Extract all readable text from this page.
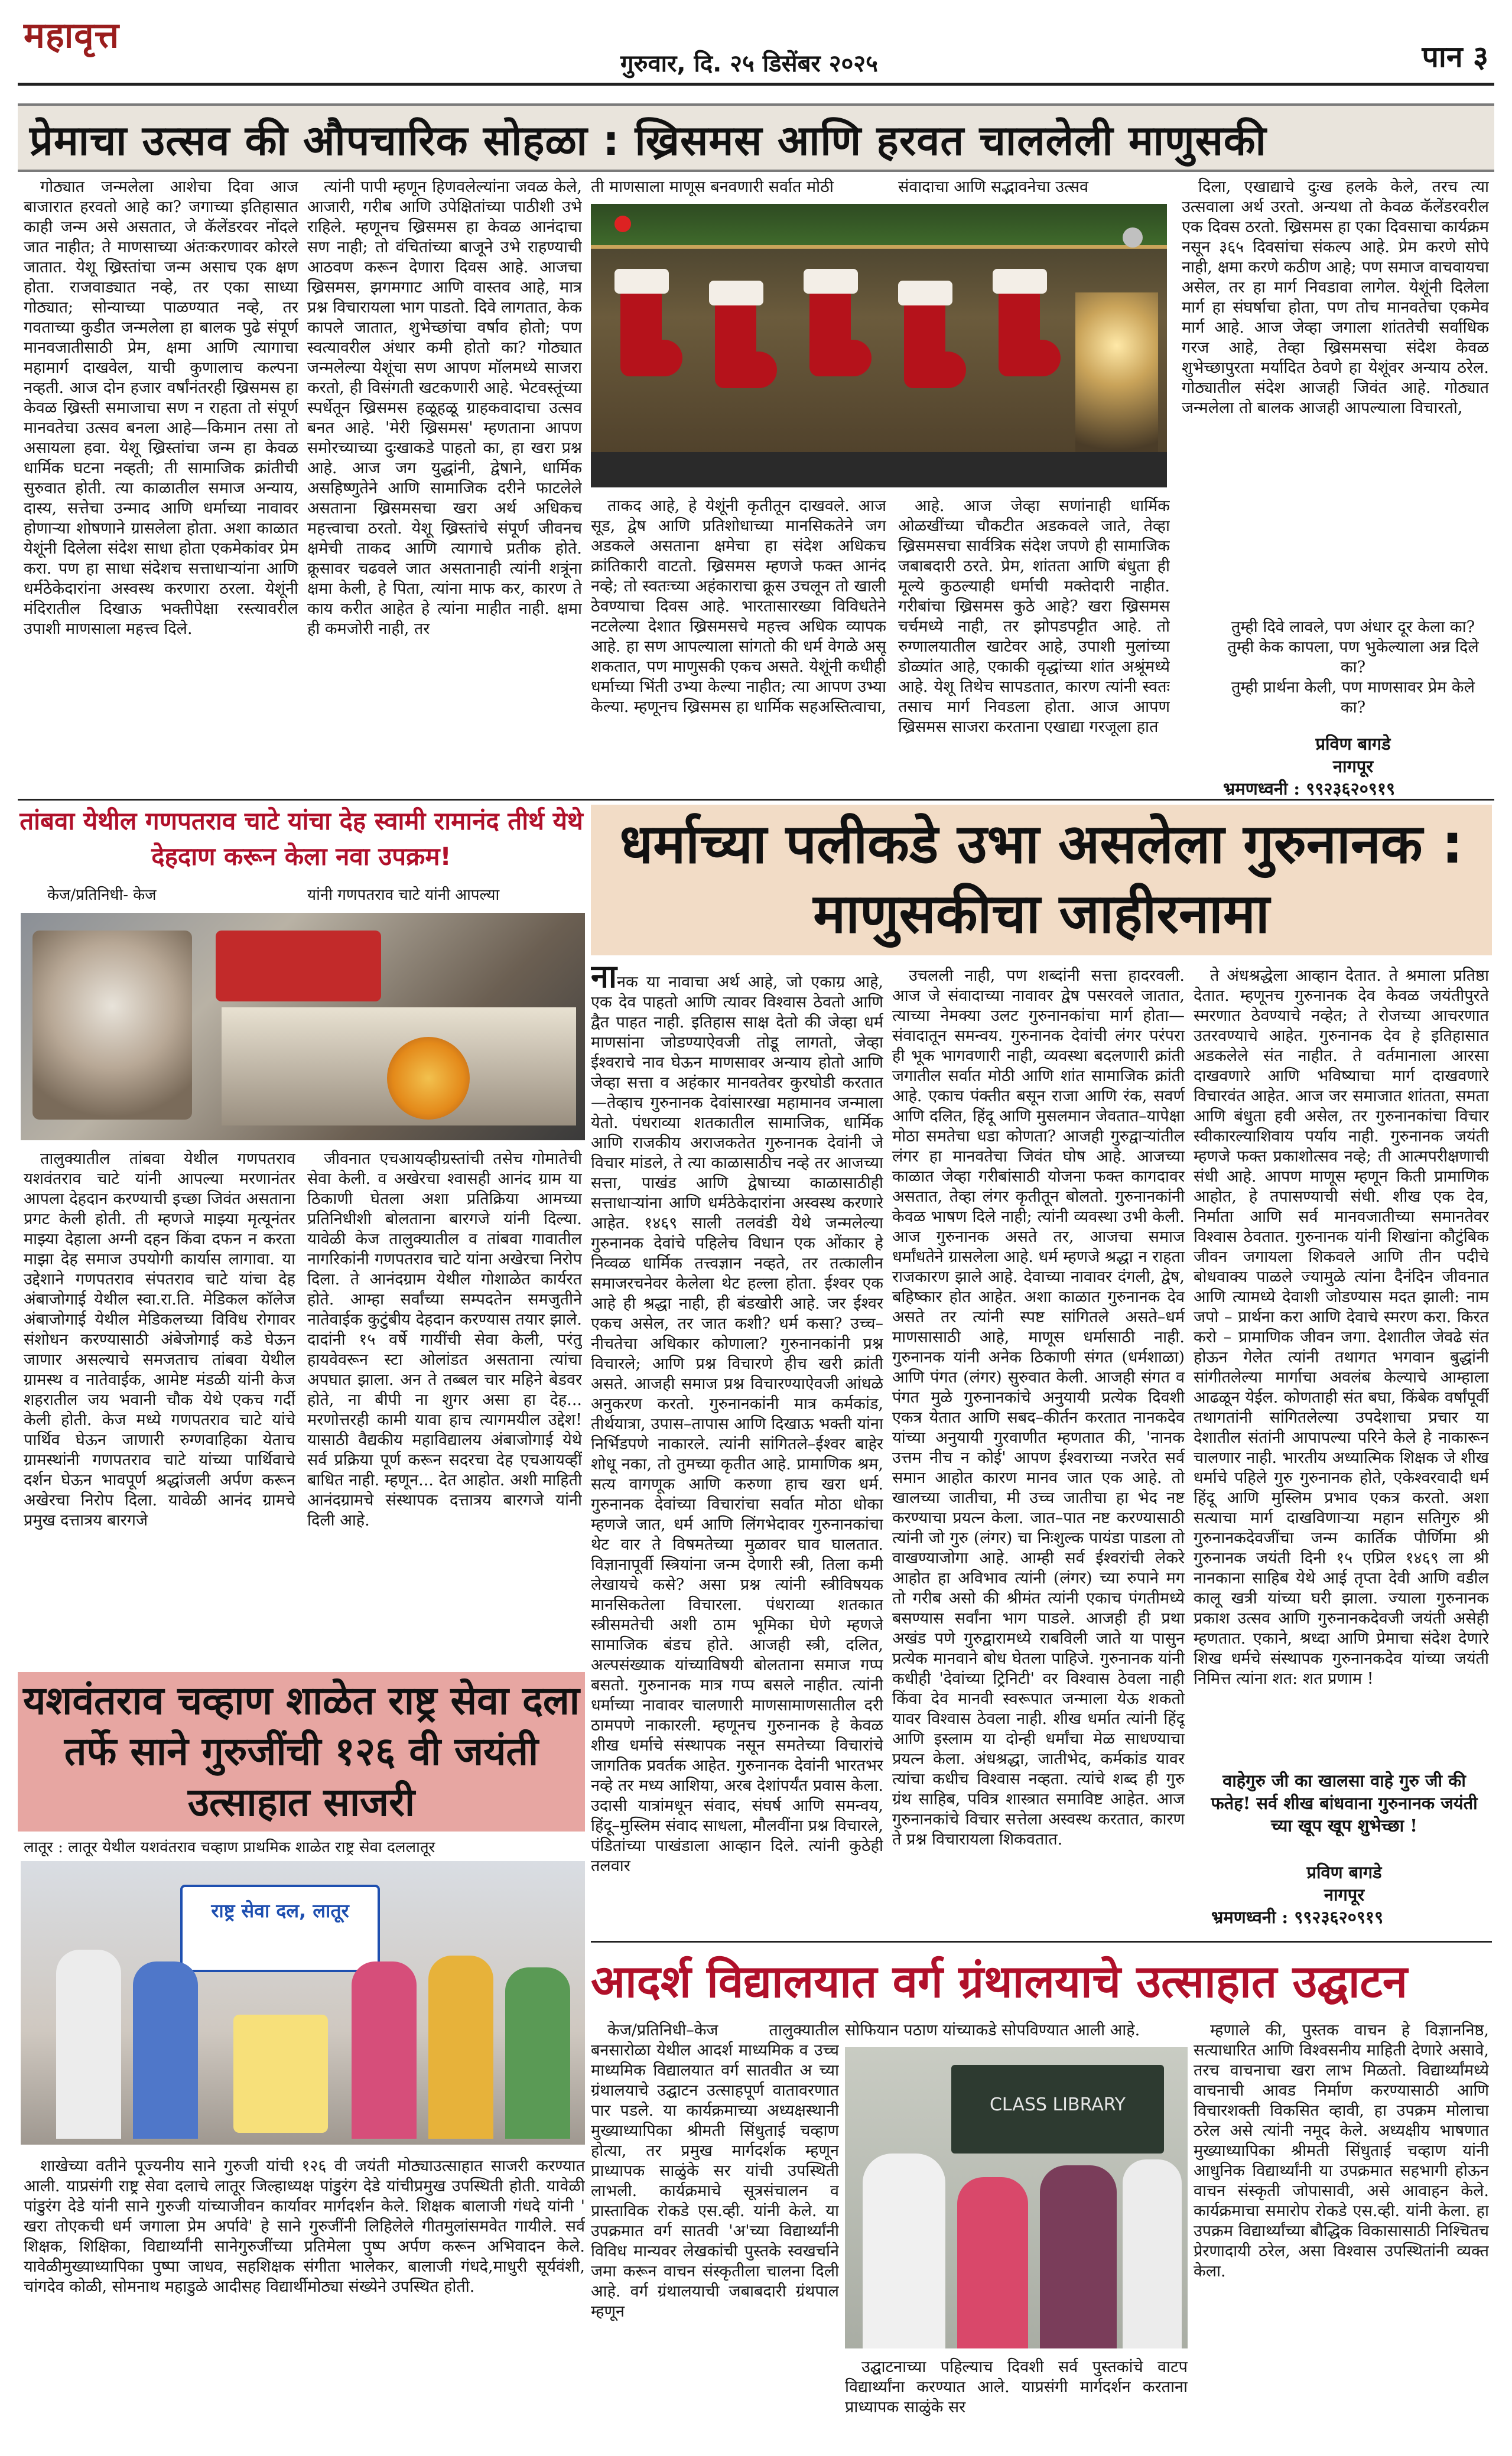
महावृत्त
गुरुवार, दि. २५ डिसेंबर २०२५	पान ३
प्रेमाचा उत्सव की औपचारिक सोहळा : ख्रिसमस आणि हरवत चाललेली माणुसकी

गोठ्यात जन्मलेला आशेचा दिवा आज बाजारात हरवतो आहे का? जगाच्या इतिहासात काही जन्म असे असतात, जे कॅलेंडरवर नोंदले जात नाहीत; ते माणसाच्या अंतःकरणावर कोरले जातात. येशू ख्रिस्तांचा जन्म असाच एक क्षण होता. राजवाड्यात नव्हे, तर एका साध्या गोठ्यात; सोन्याच्या पाळण्यात नव्हे, तर गवताच्या कुडीत जन्मलेला हा बालक पुढे संपूर्ण मानवजातीसाठी प्रेम, क्षमा आणि त्यागाचा महामार्ग दाखवेल, याची कुणालाच कल्पना नव्हती. आज दोन हजार वर्षांनंतरही ख्रिसमस हा केवळ ख्रिस्ती समाजाचा सण न राहता तो संपूर्ण मानवतेचा उत्सव बनला आहे—किमान तसा तो असायला हवा. येशू ख्रिस्तांचा जन्म हा केवळ धार्मिक घटना नव्हती; ती सामाजिक क्रांतीची सुरुवात होती. त्या काळातील समाज अन्याय, दास्य, सत्तेचा उन्माद आणि धर्माच्या नावावर होणाऱ्या शोषणाने ग्रासलेला होता. अशा काळात येशूंनी दिलेला संदेश साधा होता एकमेकांवर प्रेम करा. पण हा साधा संदेशच सत्ताधाऱ्यांना आणि धर्मठेकेदारांना अस्वस्थ करणारा ठरला. येशूंनी मंदिरातील दिखाऊ भक्तीपेक्षा रस्त्यावरील उपाशी माणसाला महत्त्व दिले.

त्यांनी पापी म्हणून हिणवलेल्यांना जवळ केले, आजारी, गरीब आणि उपेक्षितांच्या पाठीशी उभे राहिले. म्हणूनच ख्रिसमस हा केवळ आनंदाचा सण नाही; तो वंचितांच्या बाजूने उभे राहण्याची आठवण करून देणारा दिवस आहे. आजचा ख्रिसमस, झगमगाट आणि वास्तव आहे, मात्र प्रश्न विचारायला भाग पाडतो. दिवे लागतात, केक कापले जातात, शुभेच्छांचा वर्षाव होतो; पण स्वत्यावरील अंधार कमी होतो का? गोठ्यात जन्मलेल्या येशूंचा सण आपण मॉलमध्ये साजरा करतो, ही विसंगती खटकणारी आहे. भेटवस्तूंच्या स्पर्धेतून ख्रिसमस हळूहळू ग्राहकवादाचा उत्सव बनत आहे. 'मेरी ख्रिसमस' म्हणताना आपण समोरच्याच्या दुःखाकडे पाहतो का, हा खरा प्रश्न आहे. आज जग युद्धांनी, द्वेषाने, धार्मिक असहिष्णुतेने आणि सामाजिक दरीने फाटलेले असताना ख्रिसमसचा खरा अर्थ अधिकच महत्त्वाचा ठरतो. येशू ख्रिस्तांचे संपूर्ण जीवनच क्षमेची ताकद आणि त्यागाचे प्रतीक होते. क्रूसावर चढवले जात असतानाही त्यांनी शत्रूंना क्षमा केली, हे पिता, त्यांना माफ कर, कारण ते काय करीत आहेत हे त्यांना माहीत नाही. क्षमा ही कमजोरी नाही, तर

ती माणसाला माणूस बनवणारी सर्वात मोठी	संवादाचा आणि सद्भावनेचा उत्सव

ताकद आहे, हे येशूंनी कृतीतून दाखवले. आज सूड, द्वेष आणि प्रतिशोधाच्या मानसिकतेने जग अडकले असताना क्षमेचा हा संदेश अधिकच क्रांतिकारी वाटतो. ख्रिसमस म्हणजे फक्त आनंद नव्हे; तो स्वतःच्या अहंकाराचा क्रूस उचलून तो खाली ठेवण्याचा दिवस आहे. भारतासारख्या विविधतेने नटलेल्या देशात ख्रिसमसचे महत्त्व अधिक व्यापक आहे. हा सण आपल्याला सांगतो की धर्म वेगळे असू शकतात, पण माणुसकी एकच असते. येशूंनी कधीही धर्माच्या भिंती उभ्या केल्या नाहीत; त्या आपण उभ्या केल्या. म्हणूनच ख्रिसमस हा धार्मिक सहअस्तित्वाचा,

आहे. आज जेव्हा सणांनाही धार्मिक ओळखींच्या चौकटीत अडकवले जाते, तेव्हा ख्रिसमसचा सार्वत्रिक संदेश जपणे ही सामाजिक जबाबदारी ठरते. प्रेम, शांतता आणि बंधुता ही मूल्ये कुठल्याही धर्माची मक्तेदारी नाहीत. गरीबांचा ख्रिसमस कुठे आहे? खरा ख्रिसमस चर्चमध्ये नाही, तर झोपडपट्टीत आहे. तो रुग्णालयातील खाटेवर आहे, उपाशी मुलांच्या डोळ्यांत आहे, एकाकी वृद्धांच्या शांत अश्रूंमध्ये आहे. येशू तिथेच सापडतात, कारण त्यांनी स्वतः तसाच मार्ग निवडला होता. आज आपण ख्रिसमस साजरा करताना एखाद्या गरजूला हात

दिला, एखाद्याचे दुःख हलके केले, तरच त्या उत्सवाला अर्थ उरतो. अन्यथा तो केवळ कॅलेंडरवरील एक दिवस ठरतो. ख्रिसमस हा एका दिवसाचा कार्यक्रम नसून ३६५ दिवसांचा संकल्प आहे. प्रेम करणे सोपे नाही, क्षमा करणे कठीण आहे; पण समाज वाचवायचा असेल, तर हा मार्ग निवडावा लागेल. येशूंनी दिलेला मार्ग हा संघर्षाचा होता, पण तोच मानवतेचा एकमेव मार्ग आहे. आज जेव्हा जगाला शांततेची सर्वाधिक गरज आहे, तेव्हा ख्रिसमसचा संदेश केवळ शुभेच्छापुरता मर्यादित ठेवणे हा येशूंवर अन्याय ठरेल. गोठ्यातील संदेश आजही जिवंत आहे. गोठ्यात जन्मलेला तो बालक आजही आपल्याला विचारतो,

तुम्ही दिवे लावले, पण अंधार दूर केला का?
तुम्ही केक कापला, पण भुकेल्याला अन्न दिले का?
तुम्ही प्रार्थना केली, पण माणसावर प्रेम केले का?
प्रविण बागडे
नागपूर
भ्रमणध्वनी : ९९२३६२०९१९
तांबवा येथील गणपतराव चाटे यांचा देह स्वामी रामानंद तीर्थ येथे देहदाण करून केला नवा उपक्रम!
केज/प्रतिनिधी- केज	यांनी गणपतराव चाटे यांनी आपल्या

तालुक्यातील तांबवा येथील गणपतराव यशवंतराव चाटे यांनी आपल्या मरणानंतर आपला देहदान करण्याची इच्छा जिवंत असताना प्रगट केली होती. ती म्हणजे माझ्या मृत्यूनंतर माझ्या देहाला अग्नी दहन किंवा दफन न करता माझा देह समाज उपयोगी कार्यास लागावा. या उद्देशाने गणपतराव संपतराव चाटे यांचा देह अंबाजोगाई येथील स्वा.रा.ति. मेडिकल कॉलेज अंबाजोगाई येथील मेडिकलच्या विविध रोगावर संशोधन करण्यासाठी अंबेजोगाई कडे घेऊन जाणार असल्याचे समजताच तांबवा येथील ग्रामस्थ व नातेवाईक, आमेष्ट मंडळी यांनी केज शहरातील जय भवानी चौक येथे एकच गर्दी केली होती. केज मध्ये गणपतराव चाटे यांचे पार्थिव घेऊन जाणारी रुग्णवाहिका येताच ग्रामस्थांनी गणपतराव चाटे यांच्या पार्थिवाचे दर्शन घेऊन भावपूर्ण श्रद्धांजली अर्पण करून अखेरचा निरोप दिला. यावेळी आनंद ग्रामचे प्रमुख दत्तात्रय बारगजे

जीवनात एचआयव्हीग्रस्तांची तसेच गोमातेची सेवा केली. व अखेरचा श्वासही आनंद ग्राम या ठिकाणी घेतला अशा प्रतिक्रिया आमच्या प्रतिनिधीशी बोलताना बारगजे यांनी दिल्या. यावेळी केज तालुक्यातील व तांबवा गावातील नागरिकांनी गणपतराव चाटे यांना अखेरचा निरोप दिला. ते आनंदग्राम येथील गोशाळेत कार्यरत होते. आम्हा सर्वांच्या सम्पदतेन समजुतीने नातेवाईक कुटुंबीय देहदान करण्यास तयार झाले. दादांनी १५ वर्षे गायींची सेवा केली, परंतु हायवेवरून स्टा ओलांडत असताना त्यांचा अपघात झाला. अन ते तब्बल चार महिने बेडवर होते, ना बीपी ना शुगर असा हा देह... मरणोत्तरही कामी यावा हाच त्यागमयील उद्देश! यासाठी वैद्यकीय महाविद्यालय अंबाजोगाई येथे सर्व प्रक्रिया पूर्ण करून सदरचा देह एचआयव्हीं बाधित नाही. म्हणून... देत आहोत. अशी माहिती आनंदग्रामचे संस्थापक दत्तात्रय बारगजे यांनी दिली आहे.

यशवंतराव चव्हाण शाळेत राष्ट्र सेवा दला तर्फे साने गुरुजींची १२६ वी जयंती उत्साहात साजरी
लातूर : लातूर येथील यशवंतराव चव्हाण प्राथमिक शाळेत राष्ट्र सेवा दललातूर
राष्ट्र सेवा दल, लातूर

शाखेच्या वतीने पूज्यनीय साने गुरुजी यांची १२६ वी जयंती मोठ्याउत्साहात साजरी करण्यात आली. याप्रसंगी राष्ट्र सेवा दलाचे लातूर जिल्हाध्यक्ष पांडुरंग देडे यांचीप्रमुख उपस्थिती होती. यावेळी पांडुरंग देडे यांनी साने गुरुजी यांच्याजीवन कार्यावर मार्गदर्शन केले. शिक्षक बालाजी गंधदे यांनी ' खरा तोएकची धर्म जगाला प्रेम अर्पावे' हे साने गुरुजींनी लिहिलेले गीतमुलांसमवेत गायीले. सर्व शिक्षक, शिक्षिका, विद्यार्थ्यांनी सानेगुरुजींच्या प्रतिमेला पुष्प अर्पण करून अभिवादन केले. यावेळीमुख्याध्यापिका पुष्पा जाधव, सहशिक्षक संगीता भालेकर, बालाजी गंधदे,माधुरी सूर्यवंशी, चांगदेव कोळी, सोमनाथ महाडुळे आदीसह विद्यार्थीमोठ्या संख्येने उपस्थित होती.

धर्माच्या पलीकडे उभा असलेला गुरुनानक : माणुसकीचा जाहीरनामा

नानक या नावाचा अर्थ आहे, जो एकाग्र आहे, एक देव पाहतो आणि त्यावर विश्वास ठेवतो आणि द्वैत पाहत नाही. इतिहास साक्ष देतो की जेव्हा धर्म माणसांना जोडण्याऐवजी तोडू लागतो, जेव्हा ईश्वराचे नाव घेऊन माणसावर अन्याय होतो आणि जेव्हा सत्ता व अहंकार मानवतेवर कुरघोडी करतात—तेव्हाच गुरुनानक देवांसारखा महामानव जन्माला येतो. पंधराव्या शतकातील सामाजिक, धार्मिक आणि राजकीय अराजकतेत गुरुनानक देवांनी जे विचार मांडले, ते त्या काळासाठीच नव्हे तर आजच्या सत्ता, पाखंड आणि द्वेषाच्या काळासाठीही सत्ताधाऱ्यांना आणि धर्मठेकेदारांना अस्वस्थ करणारे आहेत. १४६९ साली तलवंडी येथे जन्मलेल्या गुरुनानक देवांचे पहिलेच विधान एक ओंकार हे निव्वळ धार्मिक तत्त्वज्ञान नव्हते, तर तत्कालीन समाजरचनेवर केलेला थेट हल्ला होता. ईश्वर एक आहे ही श्रद्धा नाही, ही बंडखोरी आहे. जर ईश्वर एकच असेल, तर जात कशी? धर्म कसा? उच्च–नीचतेचा अधिकार कोणाला? गुरुनानकांनी प्रश्न विचारले; आणि प्रश्न विचारणे हीच खरी क्रांती असते. आजही समाज प्रश्न विचारण्याऐवजी आंधळे अनुकरण करतो. गुरुनानकांनी मात्र कर्मकांड, तीर्थयात्रा, उपास–तापास आणि दिखाऊ भक्ती यांना निर्भिडपणे नाकारले. त्यांनी सांगितले–ईश्वर बाहेर शोधू नका, तो तुमच्या कृतीत आहे. प्रामाणिक श्रम, सत्य वागणूक आणि करुणा हाच खरा धर्म. गुरुनानक देवांच्या विचारांचा सर्वात मोठा धोका म्हणजे जात, धर्म आणि लिंगभेदावर गुरुनानकांचा थेट वार ते विषमतेच्या मुळावर घाव घालतात. विज्ञानापूर्वी स्त्रियांना जन्म देणारी स्त्री, तिला कमी लेखायचे कसे? असा प्रश्न त्यांनी स्त्रीविषयक मानसिकतेला विचारला. पंधराव्या शतकात स्त्रीसमतेची अशी ठाम भूमिका घेणे म्हणजे सामाजिक बंडच होते. आजही स्त्री, दलित, अल्पसंख्याक यांच्याविषयी बोलताना समाज गप्प बसतो. गुरुनानक मात्र गप्प बसले नाहीत. त्यांनी धर्माच्या नावावर चालणारी माणसामाणसातील दरी ठामपणे नाकारली. म्हणूनच गुरुनानक हे केवळ शीख धर्माचे संस्थापक नसून समतेच्या विचारांचे जागतिक प्रवर्तक आहेत. गुरुनानक देवांनी भारतभर नव्हे तर मध्य आशिया, अरब देशांपर्यंत प्रवास केला. उदासी यात्रांमधून संवाद, संघर्ष आणि समन्वय, हिंदू–मुस्लिम संवाद साधला, मौलवींना प्रश्न विचारले, पंडितांच्या पाखंडाला आव्हान दिले. त्यांनी कुठेही तलवार

उचलली नाही, पण शब्दांनी सत्ता हादरवली. आज जे संवादाच्या नावावर द्वेष पसरवले जातात, त्याच्या नेमक्या उलट गुरुनानकांचा मार्ग होता—संवादातून समन्वय. गुरुनानक देवांची लंगर परंपरा ही भूक भागवणारी नाही, व्यवस्था बदलणारी क्रांती जगातील सर्वात मोठी आणि शांत सामाजिक क्रांती आहे. एकाच पंक्तीत बसून राजा आणि रंक, सवर्ण आणि दलित, हिंदू आणि मुसलमान जेवतात–यापेक्षा मोठा समतेचा धडा कोणता? आजही गुरुद्वाऱ्यांतील लंगर हा मानवतेचा जिवंत घोष आहे. आजच्या काळात जेव्हा गरीबांसाठी योजना फक्त कागदावर असतात, तेव्हा लंगर कृतीतून बोलतो. गुरुनानकांनी केवळ भाषण दिले नाही; त्यांनी व्यवस्था उभी केली. आज गुरुनानक असते तर, आजचा समाज धर्मांधतेने ग्रासलेला आहे. धर्म म्हणजे श्रद्धा न राहता राजकारण झाले आहे. देवाच्या नावावर दंगली, द्वेष, बहिष्कार होत आहेत. अशा काळात गुरुनानक देव असते तर त्यांनी स्पष्ट सांगितले असते–धर्म माणसासाठी आहे, माणूस धर्मासाठी नाही. गुरुनानक यांनी अनेक ठिकाणी संगत (धर्मशाळा) आणि पंगत (लंगर) सुरुवात केली. आजही संगत व पंगत मुळे गुरुनानकांचे अनुयायी प्रत्येक दिवशी एकत्र येतात आणि सबद–कीर्तन करतात नानकदेव यांच्या अनुयायी गुरवाणीत म्हणतात की, 'नानक उत्तम नीच न कोई' आपण ईश्वराच्या नजरेत सर्व समान आहोत कारण मानव जात एक आहे. तो खालच्या जातीचा, मी उच्च जातीचा हा भेद नष्ट करण्याचा प्रयत्न केला. जात–पात नष्ट करण्यासाठी त्यांनी जो गुरु (लंगर) चा निःशुल्क पायंडा पाडला तो वाखण्याजोगा आहे. आम्ही सर्व ईश्वरांची लेकरे आहोत हा अविभाव त्यांनी (लंगर) च्या रुपाने मग तो गरीब असो की श्रीमंत त्यांनी एकाच पंगतीमध्ये बसण्यास सर्वांना भाग पाडले. आजही ही प्रथा अखंड पणे गुरुद्वारामध्ये राबविली जाते या पासुन प्रत्येक मानवाने बोध घेतला पाहिजे. गुरुनानक यांनी कधीही 'देवांच्या ट्रिनिटी' वर विश्वास ठेवला नाही किंवा देव मानवी स्वरूपात जन्माला येऊ शकतो यावर विश्वास ठेवला नाही. शीख धर्मात त्यांनी हिंदू आणि इस्लाम या दोन्ही धर्मांचा मेळ साधण्याचा प्रयत्न केला. अंधश्रद्धा, जातीभेद, कर्मकांड यावर त्यांचा कधीच विश्वास नव्हता. त्यांचे शब्द ही गुरु ग्रंथ साहिब, पवित्र शास्त्रात समाविष्ट आहेत. आज गुरुनानकांचे विचार सत्तेला अस्वस्थ करतात, कारण ते प्रश्न विचारायला शिकवतात.

ते अंधश्रद्धेला आव्हान देतात. ते श्रमाला प्रतिष्ठा देतात. म्हणूनच गुरुनानक देव केवळ जयंतीपुरते स्मरणात ठेवण्याचे नव्हेत; ते रोजच्या आचरणात उतरवण्याचे आहेत. गुरुनानक देव हे इतिहासात अडकलेले संत नाहीत. ते वर्तमानाला आरसा दाखवणारे आणि भविष्याचा मार्ग दाखवणारे विचारवंत आहेत. आज जर समाजात शांतता, समता आणि बंधुता हवी असेल, तर गुरुनानकांचा विचार स्वीकारल्याशिवाय पर्याय नाही. गुरुनानक जयंती म्हणजे फक्त प्रकाशोत्सव नव्हे; ती आत्मपरीक्षणाची संधी आहे. आपण माणूस म्हणून किती प्रामाणिक आहोत, हे तपासण्याची संधी. शीख एक देव, निर्माता आणि सर्व मानवजातीच्या समानतेवर विश्वास ठेवतात. गुरुनानक यांनी शिखांना कौटुंबिक जीवन जगायला शिकवले आणि तीन पदीचे बोधवाक्य पाळले ज्यामुळे त्यांना दैनंदिन जीवनात आणि त्यामध्ये देवाशी जोडण्यास मदत झाली: नाम जपो – प्रार्थना करा आणि देवाचे स्मरण करा. किरत करो – प्रामाणिक जीवन जगा. देशातील जेवढे संत होऊन गेलेत त्यांनी तथागत भगवान बुद्धांनी सांगीतलेल्या मार्गाचा अवलंब केल्याचे आम्हाला आढळून येईल. कोणताही संत बघा, किंबेक वर्षांपूर्वी तथागतांनी सांगितलेल्या उपदेशाचा प्रचार या देशातील संतांनी आपापल्या परिने केले हे नाकारून चालणार नाही. भारतीय अध्यात्मिक शिक्षक जे शीख धर्माचे पहिले गुरु गुरुनानक होते, एकेश्वरवादी धर्म हिंदू आणि मुस्लिम प्रभाव एकत्र करतो. अशा सत्याचा मार्ग दाखविणाऱ्या महान सतिगुरु श्री गुरुनानकदेवजींचा जन्म कार्तिक पौर्णिमा श्री गुरुनानक जयंती दिनी १५ एप्रिल १४६९ ला श्री नानकाना साहिब येथे आई तृप्ता देवी आणि वडील कालू खत्री यांच्या घरी झाला. ज्याला गुरुनानक प्रकाश उत्सव आणि गुरुनानकदेवजी जयंती असेही म्हणतात. एकाने, श्रध्दा आणि प्रेमाचा संदेश देणारे शिख धर्मचे संस्थापक गुरुनानकदेव यांच्या जयंती निमित्त त्यांना शत: शत प्रणाम !

वाहेगुरु जी का खालसा वाहे गुरु जी की फतेह! सर्व शीख बांधवाना गुरुनानक जयंती च्या खूप खूप शुभेच्छा !
प्रविण बागडे
नागपूर
भ्रमणध्वनी : ९९२३६२०९१९
आदर्श विद्यालयात वर्ग ग्रंथालयाचे उत्साहात उद्घाटन

केज/प्रतिनिधी–केज तालुक्यातील बनसारोळा येथील आदर्श माध्यमिक व उच्च माध्यमिक विद्यालयात वर्ग सातवीत अ च्या ग्रंथालयाचे उद्घाटन उत्साहपूर्ण वातावरणात पार पडले. या कार्यक्रमाच्या अध्यक्षस्थानी मुख्याध्यापिका श्रीमती सिंधुताई चव्हाण होत्या, तर प्रमुख मार्गदर्शक म्हणून प्राध्यापक साळुंके सर यांची उपस्थिती लाभली. कार्यक्रमाचे सूत्रसंचालन व प्रास्ताविक रोकडे एस.व्ही. यांनी केले. या उपक्रमात वर्ग सातवी 'अ'च्या विद्यार्थ्यांनी विविध मान्यवर लेखकांची पुस्तके स्वखर्चाने जमा करून वाचन संस्कृतीला चालना दिली आहे. वर्ग ग्रंथालयाची जबाबदारी ग्रंथपाल म्हणून

सोफियान पठाण यांच्याकडे सोपविण्यात आली आहे.
CLASS LIBRARY

उद्घाटनाच्या पहिल्याच दिवशी सर्व पुस्तकांचे वाटप विद्यार्थ्यांना करण्यात आले. याप्रसंगी मार्गदर्शन करताना प्राध्यापक साळुंके सर

म्हणाले की, पुस्तक वाचन हे विज्ञाननिष्ठ, सत्याधारित आणि विश्वसनीय माहिती देणारे असावे, तरच वाचनाचा खरा लाभ मिळतो. विद्यार्थ्यांमध्ये वाचनाची आवड निर्माण करण्यासाठी आणि विचारशक्ती विकसित व्हावी, हा उपक्रम मोलाचा ठरेल असे त्यांनी नमूद केले. अध्यक्षीय भाषणात मुख्याध्यापिका श्रीमती सिंधुताई चव्हाण यांनी आधुनिक विद्यार्थ्यांनी या उपक्रमात सहभागी होऊन वाचन संस्कृती जोपासावी, असे आवाहन केले. कार्यक्रमाचा समारोप रोकडे एस.व्ही. यांनी केला. हा उपक्रम विद्यार्थ्यांच्या बौद्धिक विकासासाठी निश्चितच प्रेरणादायी ठरेल, असा विश्वास उपस्थितांनी व्यक्त केला.
